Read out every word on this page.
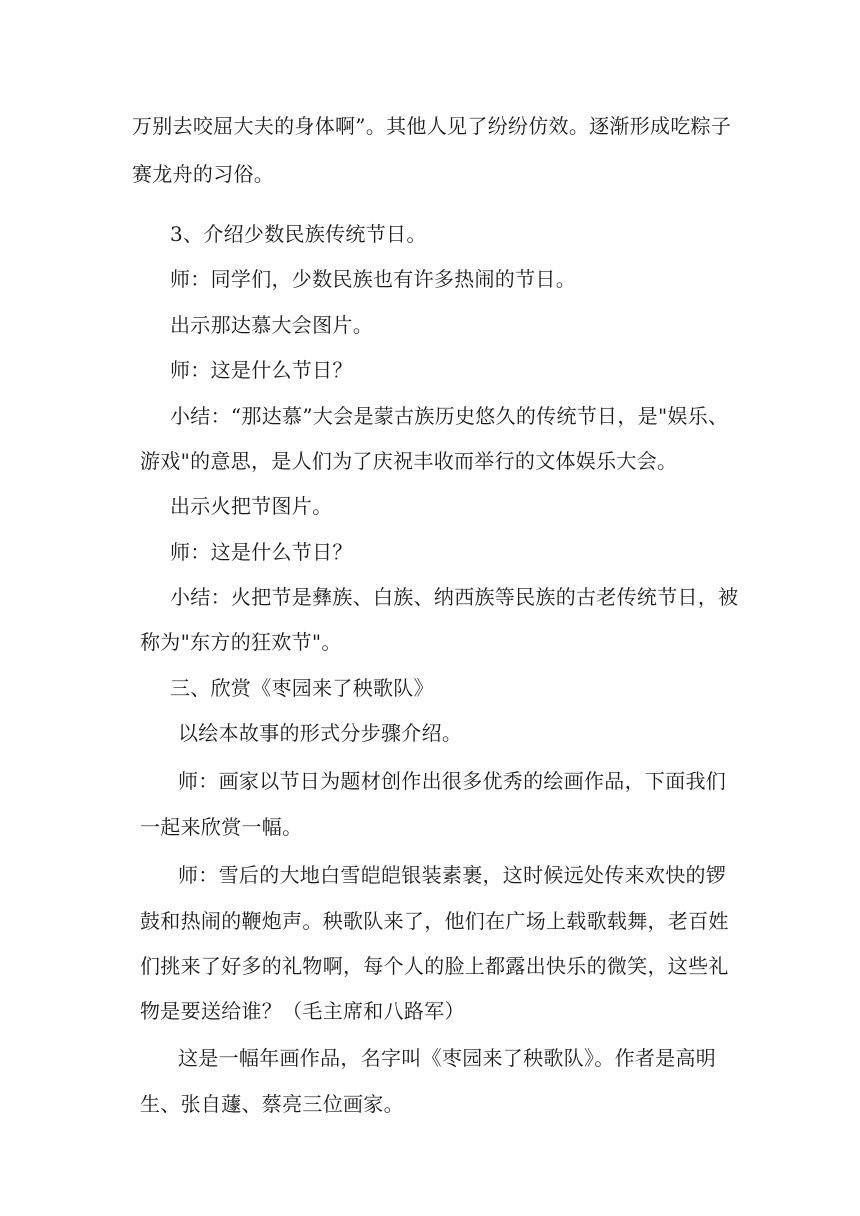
万别去咬屈大夫的身体啊”。其他人见了纷纷仿效。逐渐形成吃粽子
赛龙舟的习俗。
3、介绍少数民族传统节日。
师：同学们，少数民族也有许多热闹的节日。
出示那达慕大会图片。
师：这是什么节日？
小结：“那达慕”大会是蒙古族历史悠久的传统节日，是"娱乐、
游戏"的意思，是人们为了庆祝丰收而举行的文体娱乐大会。
出示火把节图片。
师：这是什么节日？
小结：火把节是彝族、白族、纳西族等民族的古老传统节日，被
称为"东方的狂欢节"。
三、欣赏《枣园来了秧歌队》
以绘本故事的形式分步骤介绍。
师：画家以节日为题材创作出很多优秀的绘画作品，下面我们
一起来欣赏一幅。
师：雪后的大地白雪皑皑银装素裹，这时候远处传来欢快的锣
鼓和热闹的鞭炮声。秧歌队来了，他们在广场上载歌载舞，老百姓
们挑来了好多的礼物啊，每个人的脸上都露出快乐的微笑，这些礼
物是要送给谁？（毛主席和八路军）
这是一幅年画作品，名字叫《枣园来了秧歌队》。作者是高明
生、张自蘧、蔡亮三位画家。
